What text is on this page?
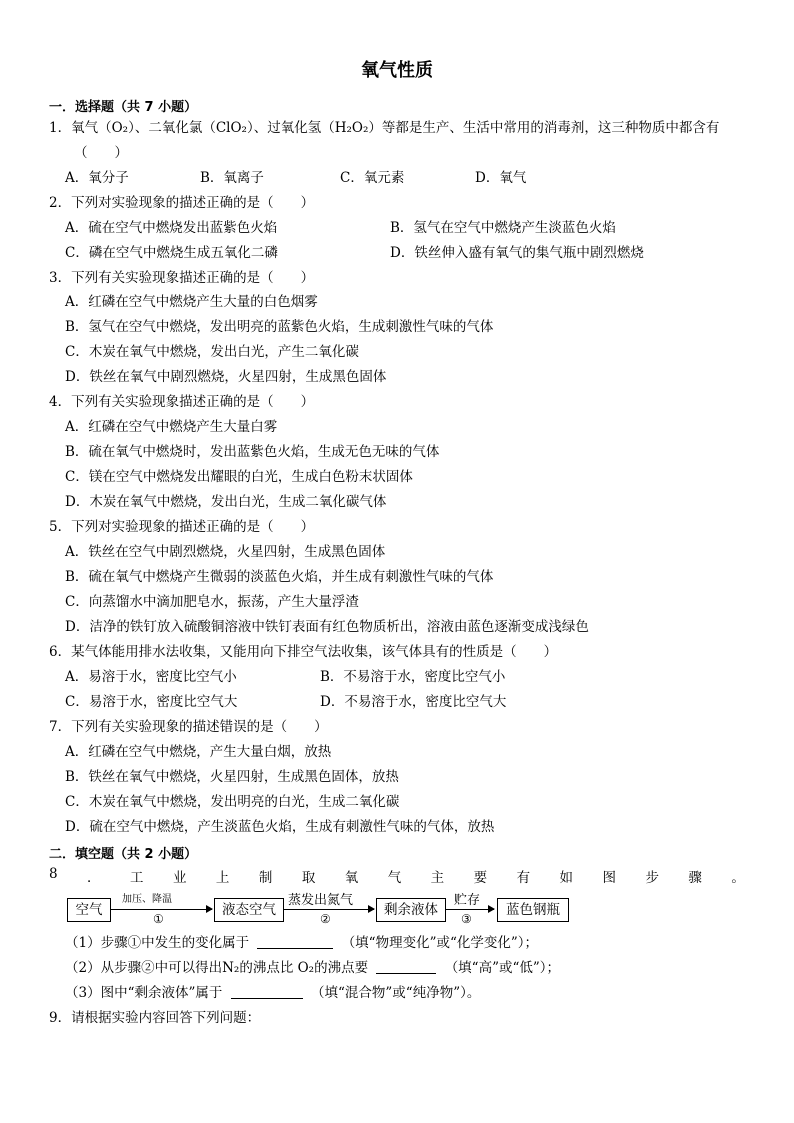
氧气性质
一．选择题（共 7 小题）
1．氧气（O₂）、二氧化氯（ClO₂）、过氧化氢（H₂O₂）等都是生产、生活中常用的消毒剂，这三种物质中都含有
（　　）
A．氧分子	B．氧离子	C．氧元素	D．氧气
2．下列对实验现象的描述正确的是（　　）
A．硫在空气中燃烧发出蓝紫色火焰	B．氢气在空气中燃烧产生淡蓝色火焰
C．磷在空气中燃烧生成五氧化二磷	D．铁丝伸入盛有氧气的集气瓶中剧烈燃烧
3．下列有关实验现象描述正确的是（　　）
A．红磷在空气中燃烧产生大量的白色烟雾
B．氢气在空气中燃烧，发出明亮的蓝紫色火焰，生成刺激性气味的气体
C．木炭在氧气中燃烧，发出白光，产生二氧化碳
D．铁丝在氧气中剧烈燃烧，火星四射，生成黑色固体
4．下列有关实验现象描述正确的是（　　）
A．红磷在空气中燃烧产生大量白雾
B．硫在氧气中燃烧时，发出蓝紫色火焰，生成无色无味的气体
C．镁在空气中燃烧发出耀眼的白光，生成白色粉末状固体
D．木炭在氧气中燃烧，发出白光，生成二氧化碳气体
5．下列对实验现象的描述正确的是（　　）
A．铁丝在空气中剧烈燃烧，火星四射，生成黑色固体
B．硫在氧气中燃烧产生微弱的淡蓝色火焰，并生成有刺激性气味的气体
C．向蒸馏水中滴加肥皂水，振荡，产生大量浮渣
D．洁净的铁钉放入硫酸铜溶液中铁钉表面有红色物质析出，溶液由蓝色逐渐变成浅绿色
6．某气体能用排水法收集，又能用向下排空气法收集，该气体具有的性质是（　　）
A．易溶于水，密度比空气小	B．不易溶于水，密度比空气小
C．易溶于水，密度比空气大	D．不易溶于水，密度比空气大
7．下列有关实验现象的描述错误的是（　　）
A．红磷在空气中燃烧，产生大量白烟，放热
B．铁丝在氧气中燃烧，火星四射，生成黑色固体，放热
C．木炭在氧气中燃烧，发出明亮的白光，生成二氧化碳
D．硫在空气中燃烧，产生淡蓝色火焰，生成有刺激性气味的气体，放热
二．填空题（共 2 小题）
8 ． 工 业 上 制 取 氧 气 主 要 有 如 图 步 骤 。
空气
加压、降温
①
液态空气
蒸发出氮气
②
剩余液体
贮存
③
蓝色钢瓶
（1）步骤①中发生的变化属于	（填“物理变化”或“化学变化”）；
（2）从步骤②中可以得出N₂的沸点比 O₂的沸点要	（填“高”或“低”）；
（3）图中“剩余液体”属于	（填“混合物”或“纯净物”）。
9．请根据实验内容回答下列问题：
